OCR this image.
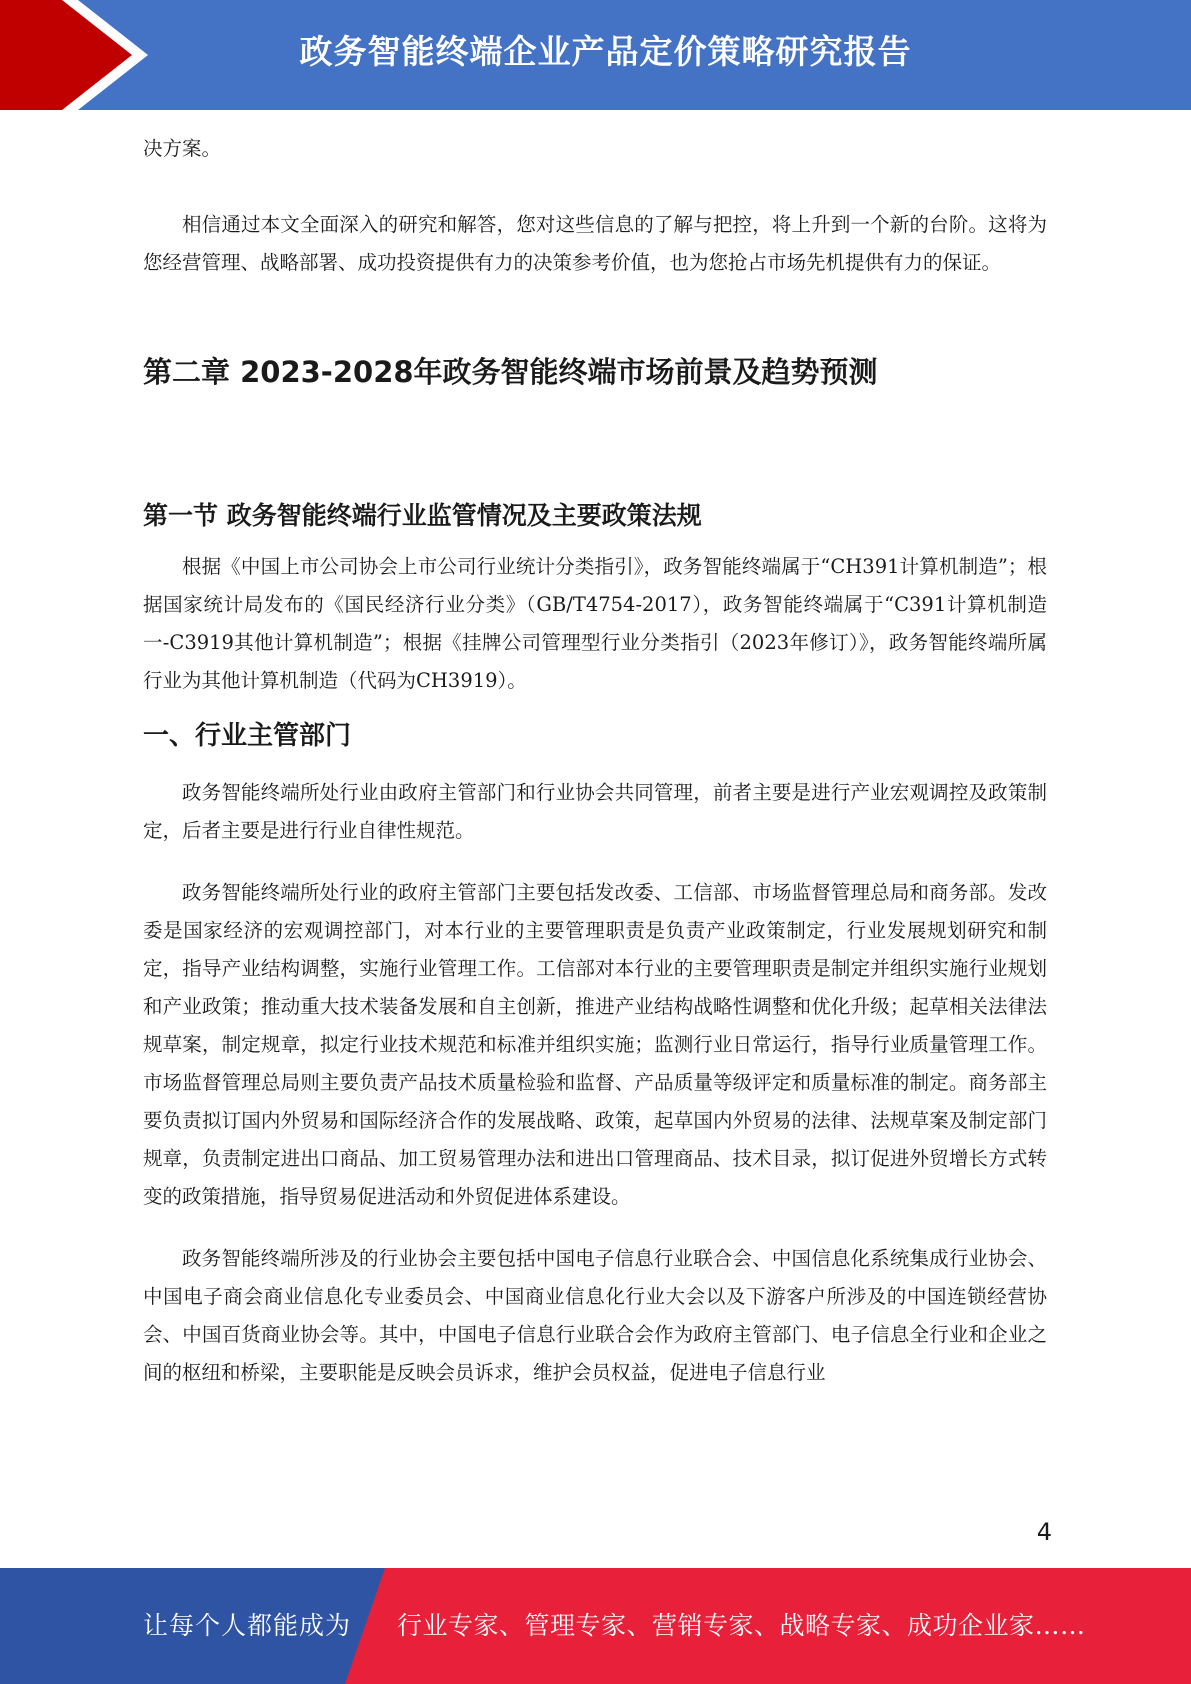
政务智能终端企业产品定价策略研究报告

决方案。

相信通过本文全面深入的研究和解答，您对这些信息的了解与把控，将上升到一个新的台阶。这将为您经营管理、战略部署、成功投资提供有力的决策参考价值，也为您抢占市场先机提供有力的保证。

第二章 2023-2028年政务智能终端市场前景及趋势预测
第一节 政务智能终端行业监管情况及主要政策法规

根据《中国上市公司协会上市公司行业统计分类指引》，政务智能终端属于“CH391计算机制造”；根据国家统计局发布的《国民经济行业分类》（GB/T4754-2017），政务智能终端属于“C391计算机制造一-C3919其他计算机制造”；根据《挂牌公司管理型行业分类指引（2023年修订）》，政务智能终端所属行业为其他计算机制造（代码为CH3919）。

一、行业主管部门

政务智能终端所处行业由政府主管部门和行业协会共同管理，前者主要是进行产业宏观调控及政策制定，后者主要是进行行业自律性规范。

政务智能终端所处行业的政府主管部门主要包括发改委、工信部、市场监督管理总局和商务部。发改委是国家经济的宏观调控部门，对本行业的主要管理职责是负责产业政策制定，行业发展规划研究和制定，指导产业结构调整，实施行业管理工作。工信部对本行业的主要管理职责是制定并组织实施行业规划和产业政策；推动重大技术装备发展和自主创新，推进产业结构战略性调整和优化升级；起草相关法律法规草案，制定规章，拟定行业技术规范和标准并组织实施；监测行业日常运行，指导行业质量管理工作。市场监督管理总局则主要负责产品技术质量检验和监督、产品质量等级评定和质量标准的制定。商务部主要负责拟订国内外贸易和国际经济合作的发展战略、政策，起草国内外贸易的法律、法规草案及制定部门规章，负责制定进出口商品、加工贸易管理办法和进出口管理商品、技术目录，拟订促进外贸增长方式转变的政策措施，指导贸易促进活动和外贸促进体系建设。

政务智能终端所涉及的行业协会主要包括中国电子信息行业联合会、中国信息化系统集成行业协会、中国电子商会商业信息化专业委员会、中国商业信息化行业大会以及下游客户所涉及的中国连锁经营协会、中国百货商业协会等。其中，中国电子信息行业联合会作为政府主管部门、电子信息全行业和企业之间的枢纽和桥梁，主要职能是反映会员诉求，维护会员权益，促进电子信息行业

4
让每个人都能成为 行业专家、管理专家、营销专家、战略专家、成功企业家……
